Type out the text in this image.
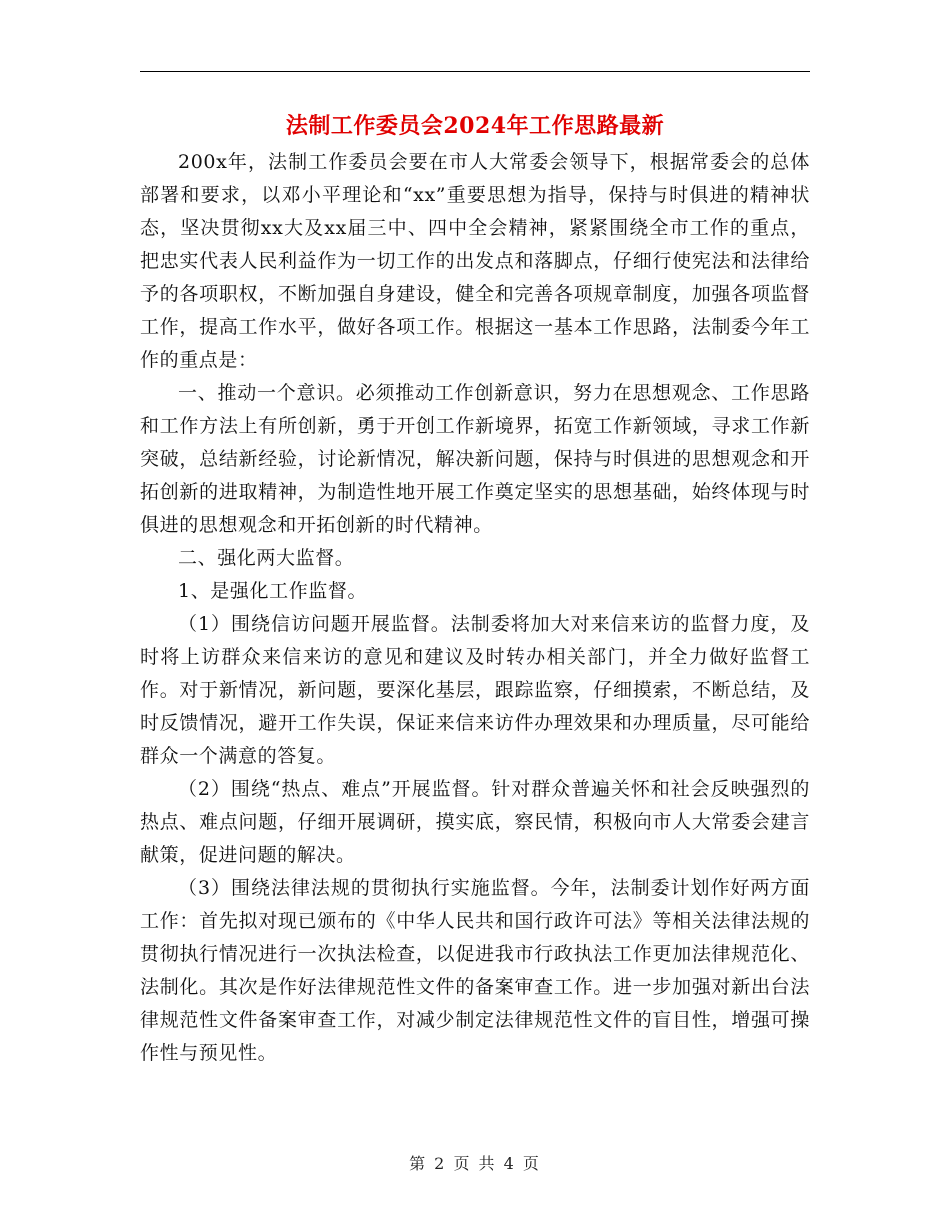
法制工作委员会2024年工作思路最新

200x年，法制工作委员会要在市人大常委会领导下，根据常委会的总体部署和要求，以邓小平理论和“xx”重要思想为指导，保持与时俱进的精神状态，坚决贯彻xx大及xx届三中、四中全会精神，紧紧围绕全市工作的重点，把忠实代表人民利益作为一切工作的出发点和落脚点，仔细行使宪法和法律给予的各项职权，不断加强自身建设，健全和完善各项规章制度，加强各项监督工作，提高工作水平，做好各项工作。根据这一基本工作思路，法制委今年工作的重点是：

一、推动一个意识。必须推动工作创新意识，努力在思想观念、工作思路和工作方法上有所创新，勇于开创工作新境界，拓宽工作新领域，寻求工作新突破，总结新经验，讨论新情况，解决新问题，保持与时俱进的思想观念和开拓创新的进取精神，为制造性地开展工作奠定坚实的思想基础，始终体现与时俱进的思想观念和开拓创新的时代精神。

二、强化两大监督。

1、是强化工作监督。

（1）围绕信访问题开展监督。法制委将加大对来信来访的监督力度，及时将上访群众来信来访的意见和建议及时转办相关部门，并全力做好监督工作。对于新情况，新问题，要深化基层，跟踪监察，仔细摸索，不断总结，及时反馈情况，避开工作失误，保证来信来访件办理效果和办理质量，尽可能给群众一个满意的答复。

（2）围绕“热点、难点”开展监督。针对群众普遍关怀和社会反映强烈的热点、难点问题，仔细开展调研，摸实底，察民情，积极向市人大常委会建言献策，促进问题的解决。

（3）围绕法律法规的贯彻执行实施监督。今年，法制委计划作好两方面工作：首先拟对现已颁布的《中华人民共和国行政许可法》等相关法律法规的贯彻执行情况进行一次执法检查，以促进我市行政执法工作更加法律规范化、法制化。其次是作好法律规范性文件的备案审查工作。进一步加强对新出台法律规范性文件备案审查工作，对减少制定法律规范性文件的盲目性，增强可操作性与预见性。

第 2 页 共 4 页
